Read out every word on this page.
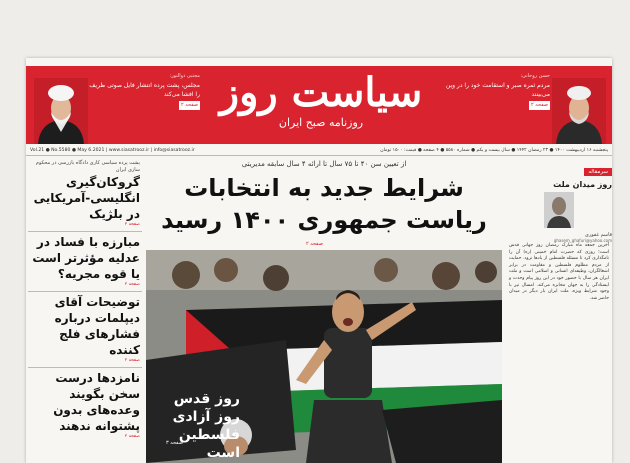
مجتبی ذوالنور:
مجلس، پشت پرده انتشار فایل صوتی ظریف را افشا می‌کند
صفحه ۲ سیاست روز
روزنامه صبح ایران
حسن روحانی:
مردم ثمره صبر و استقامت خود را در وین می‌بینند
صفحه ۲
Vol.21 ● No.5580 ● May 6.2021 | www.siasatrooz.ir | info@siasatrooz.ir	پنجشنبه ۱۶ اردیبهشت ۱۴۰۰ ● ۲۳ رمضان ۱۴۴۲ ● سال بیست و یکم ● شماره ۵۵۸۰ ● ۴ صفحه ● قیمت: ۱۵۰۰ تومان
پشت پرده سیاسی کاری دادگاه بازرسی در محکوم سازی ایران
گروکان‌گیری انگلیسی-آمریکایی در بلژیک
صفحه ۲
مبارزه با فساد در عدلیه مؤثرتر است یا قوه مجریه؟
صفحه ۲
توضیحات آقای دیپلمات درباره فشارهای فلج کننده
صفحه ۲
نامزدها درست سخن بگویند وعده‌های بدون پشتوانه ندهند
صفحه ۲
از تعیین سن ۴۰ تا ۷۵ سال تا ارائه ۴ سال سابقه مدیریتی
شرایط جدید به انتخابات
ریاست جمهوری ۱۴۰۰ رسید
صفحه ۲
روز قدس روز آزادی فلسطین است
صفحه ۳
سرمقاله
روز میدان ملت
قاسم غفوری
ghasem_ghafuri@yahoo.com
آخرین جمعه ماه مبارک رمضان روز جهانی قدس است؛ روزی که حضرت امام خمینی (ره) آن را نامگذاری کرد تا مسئله فلسطین از یادها نرود. حمایت از مردم مظلوم فلسطین و مقاومت در برابر اشغالگران، وظیفه‌ای انسانی و اسلامی است و ملت ایران هر سال با حضور خود در این روز پیام وحدت و ایستادگی را به جهان مخابره می‌کند. امسال نیز با وجود شرایط ویژه، ملت ایران بار دیگر در میدان حاضر شد.
